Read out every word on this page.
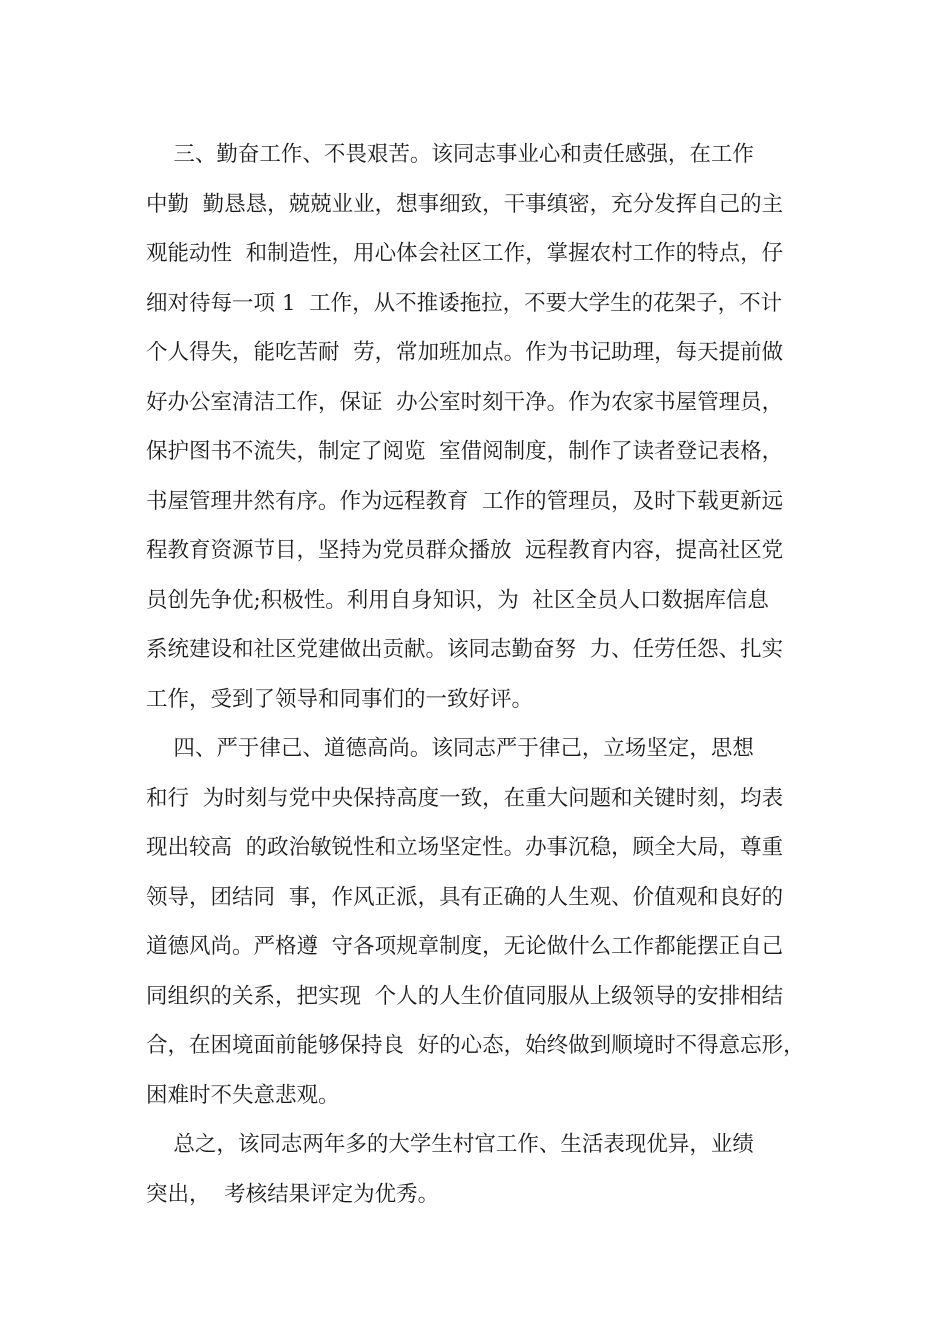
三、勤奋工作、不畏艰苦。该同志事业心和责任感强，在工作
中勤  勤恳恳，兢兢业业，想事细致，干事缜密，充分发挥自己的主
观能动性  和制造性，用心体会社区工作，掌握农村工作的特点，仔
细对待每一项 1  工作，从不推诿拖拉，不要大学生的花架子，不计
个人得失，能吃苦耐  劳，常加班加点。作为书记助理，每天提前做
好办公室清洁工作，保证  办公室时刻干净。作为农家书屋管理员，
保护图书不流失，制定了阅览  室借阅制度，制作了读者登记表格，
书屋管理井然有序。作为远程教育  工作的管理员，及时下载更新远
程教育资源节目，坚持为党员群众播放  远程教育内容，提高社区党
员创先争优;积极性。利用自身知识，为  社区全员人口数据库信息
系统建设和社区党建做出贡献。该同志勤奋努  力、任劳任怨、扎实
工作，受到了领导和同事们的一致好评。
四、严于律己、道德高尚。该同志严于律己，立场坚定，思想
和行  为时刻与党中央保持高度一致，在重大问题和关键时刻，均表
现出较高  的政治敏锐性和立场坚定性。办事沉稳，顾全大局，尊重
领导，团结同  事，作风正派，具有正确的人生观、价值观和良好的
道德风尚。严格遵  守各项规章制度，无论做什么工作都能摆正自己
同组织的关系，把实现  个人的人生价值同服从上级领导的安排相结
合，在困境面前能够保持良  好的心态，始终做到顺境时不得意忘形，
困难时不失意悲观。
总之，该同志两年多的大学生村官工作、生活表现优异，业绩
突出，  考核结果评定为优秀。
